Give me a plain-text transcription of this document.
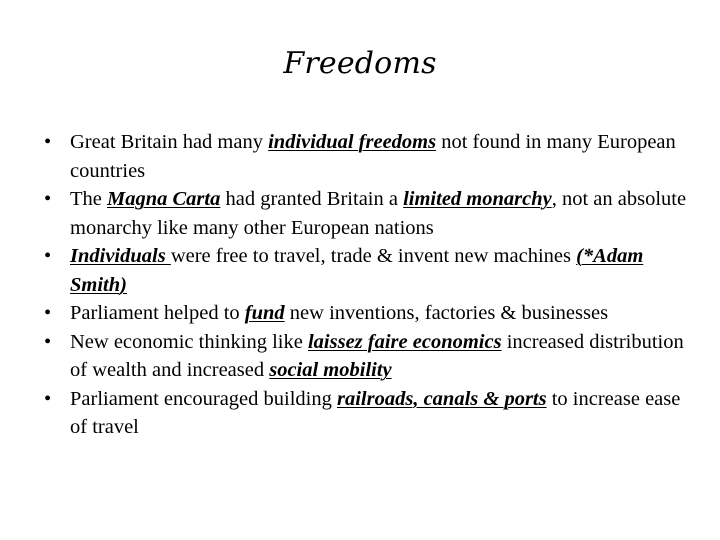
Freedoms
• Great Britain had many individual freedoms not found in many European countries
• The Magna Carta had granted Britain a limited monarchy, not an absolute monarchy like many other European nations
• Individuals were free to travel, trade & invent new machines (*Adam Smith)
• Parliament helped to fund new inventions, factories & businesses
• New economic thinking like laissez faire economics increased distribution of wealth and increased social mobility
• Parliament encouraged building railroads, canals & ports to increase ease of travel
